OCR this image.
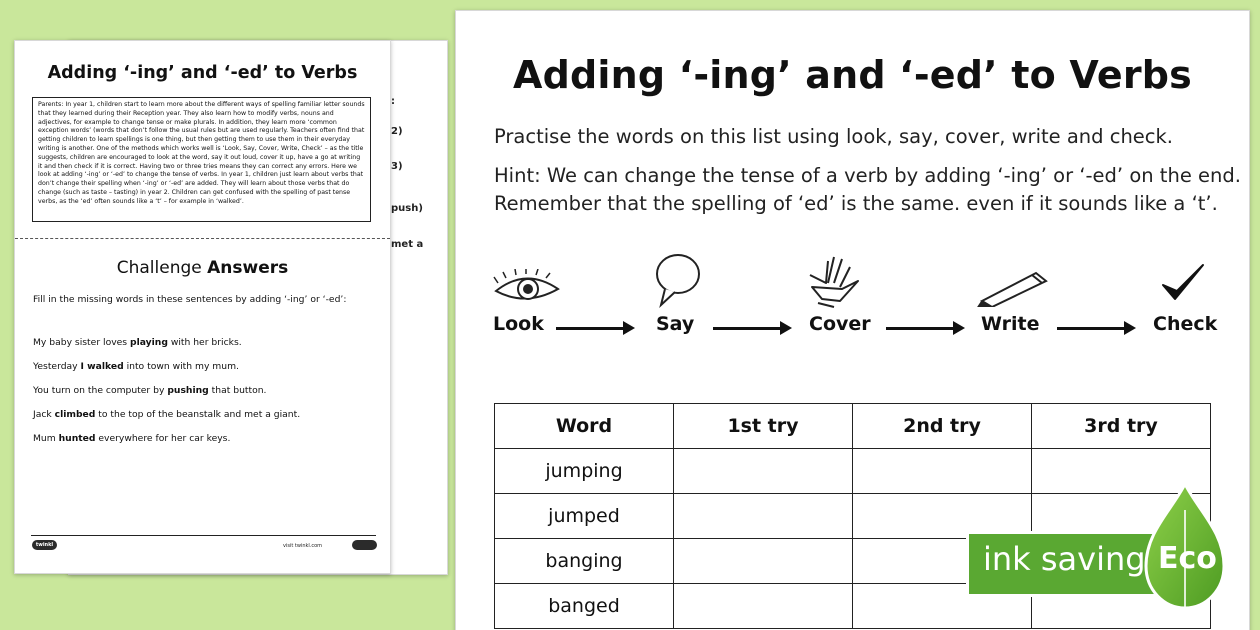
:
2)
3)
push)
met a
Adding ‘-ing’ and ‘-ed’ to Verbs
Parents: In year 1, children start to learn more about the different ways of spelling familiar letter sounds that they learned during their Reception year. They also learn how to modify verbs, nouns and adjectives, for example to change tense or make plurals. In addition, they learn more ‘common exception words’ (words that don’t follow the usual rules but are used regularly. Teachers often find that getting children to learn spellings is one thing, but then getting them to use them in their everyday writing is another. One of the methods which works well is ‘Look, Say, Cover, Write, Check’ – as the title suggests, children are encouraged to look at the word, say it out loud, cover it up, have a go at writing it and then check if it is correct. Having two or three tries means they can correct any errors. Here we look at adding ‘-ing’ or ‘-ed’ to change the tense of verbs. In year 1, children just learn about verbs that don’t change their spelling when ‘-ing’ or ‘-ed’ are added. They will learn about those verbs that do change (such as taste – tasting) in year 2. Children can get confused with the spelling of past tense verbs, as the ‘ed’ often sounds like a ‘t’ – for example in ‘walked’.
Challenge Answers
Fill in the missing words in these sentences by adding ‘-ing’ or ‘-ed’:
My baby sister loves playing with her bricks.
Yesterday I walked into town with my mum.
You turn on the computer by pushing that button.
Jack climbed to the top of the beanstalk and met a giant.
Mum hunted everywhere for her car keys.
twinkl	visit twinkl.com
Adding ‘-ing’ and ‘-ed’ to Verbs
Practise the words on this list using look, say, cover, write and check.
Hint: We can change the tense of a verb by adding ‘-ing’ or ‘-ed’ on the end.
Remember that the spelling of ‘ed’ is the same. even if it sounds like a ‘t’.
Look	Say	Cover	Write	Check
Word	1st try	2nd try	3rd try
jumping			
jumped			
banging			
banged			
ink saving Eco
